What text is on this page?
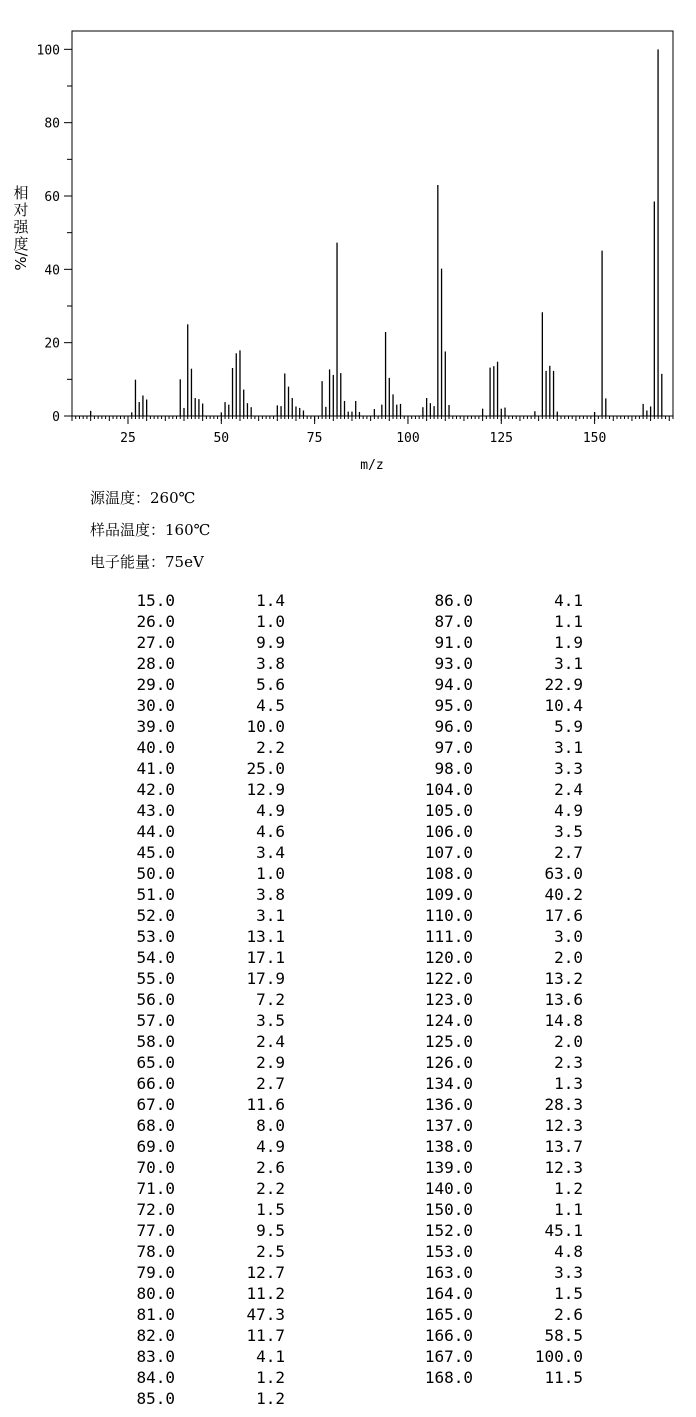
25	50	75	100	125	150
0
20
40
60
80
100
相
对
强
度
%/
m/z
源温度：260℃
样品温度：160℃
电子能量：75eV
15.0	1.4
26.0	1.0
27.0	9.9
28.0	3.8
29.0	5.6
30.0	4.5
39.0	10.0
40.0	2.2
41.0	25.0
42.0	12.9
43.0	4.9
44.0	4.6
45.0	3.4
50.0	1.0
51.0	3.8
52.0	3.1
53.0	13.1
54.0	17.1
55.0	17.9
56.0	7.2
57.0	3.5
58.0	2.4
65.0	2.9
66.0	2.7
67.0	11.6
68.0	8.0
69.0	4.9
70.0	2.6
71.0	2.2
72.0	1.5
77.0	9.5
78.0	2.5
79.0	12.7
80.0	11.2
81.0	47.3
82.0	11.7
83.0	4.1
84.0	1.2
85.0	1.2
86.0	4.1
87.0	1.1
91.0	1.9
93.0	3.1
94.0	22.9
95.0	10.4
96.0	5.9
97.0	3.1
98.0	3.3
104.0	2.4
105.0	4.9
106.0	3.5
107.0	2.7
108.0	63.0
109.0	40.2
110.0	17.6
111.0	3.0
120.0	2.0
122.0	13.2
123.0	13.6
124.0	14.8
125.0	2.0
126.0	2.3
134.0	1.3
136.0	28.3
137.0	12.3
138.0	13.7
139.0	12.3
140.0	1.2
150.0	1.1
152.0	45.1
153.0	4.8
163.0	3.3
164.0	1.5
165.0	2.6
166.0	58.5
167.0	100.0
168.0	11.5
